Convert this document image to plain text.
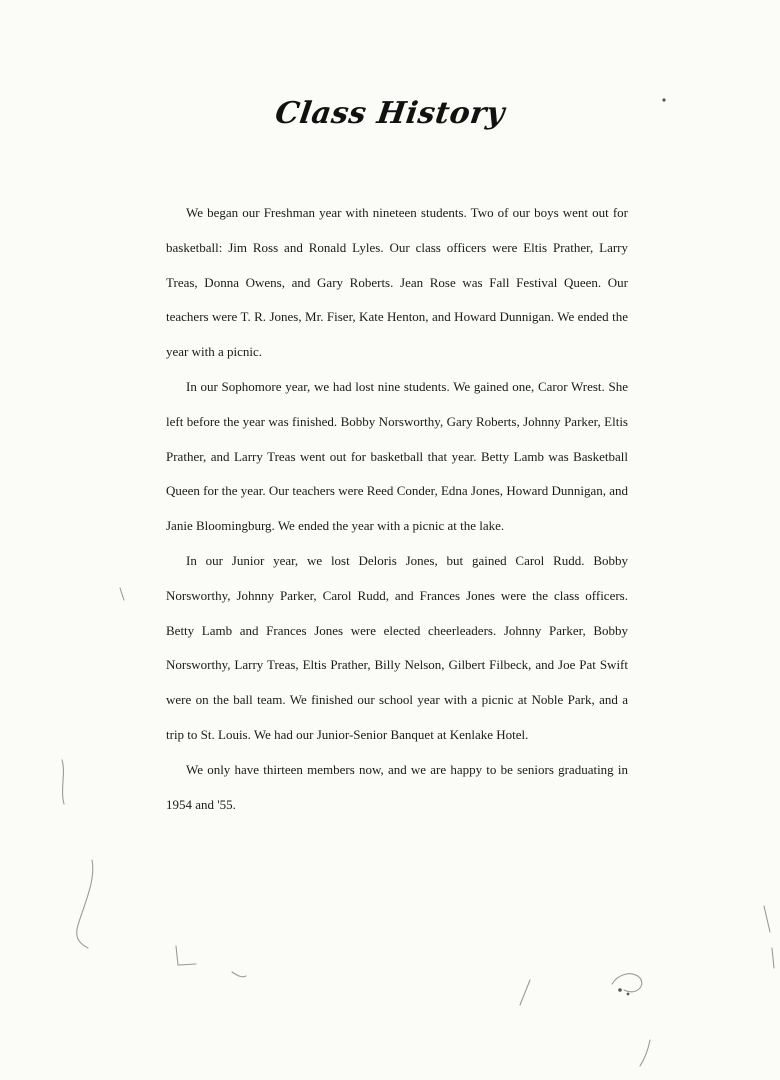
Class History

We began our Freshman year with nineteen students. Two of our boys went out for basketball: Jim Ross and Ronald Lyles. Our class officers were Eltis Prather, Larry Treas, Donna Owens, and Gary Roberts. Jean Rose was Fall Festival Queen. Our teachers were T. R. Jones, Mr. Fiser, Kate Henton, and Howard Dunnigan. We ended the year with a picnic.

In our Sophomore year, we had lost nine students. We gained one, Caror Wrest. She left before the year was finished. Bobby Norsworthy, Gary Roberts, Johnny Parker, Eltis Prather, and Larry Treas went out for basketball that year. Betty Lamb was Basketball Queen for the year. Our teachers were Reed Conder, Edna Jones, Howard Dunnigan, and Janie Bloomingburg. We ended the year with a picnic at the lake.

In our Junior year, we lost Deloris Jones, but gained Carol Rudd. Bobby Norsworthy, Johnny Parker, Carol Rudd, and Frances Jones were the class officers. Betty Lamb and Frances Jones were elected cheerleaders. Johnny Parker, Bobby Norsworthy, Larry Treas, Eltis Prather, Billy Nelson, Gilbert Filbeck, and Joe Pat Swift were on the ball team. We finished our school year with a picnic at Noble Park, and a trip to St. Louis. We had our Junior-Senior Banquet at Kenlake Hotel.

We only have thirteen members now, and we are happy to be seniors graduating in 1954 and '55.
